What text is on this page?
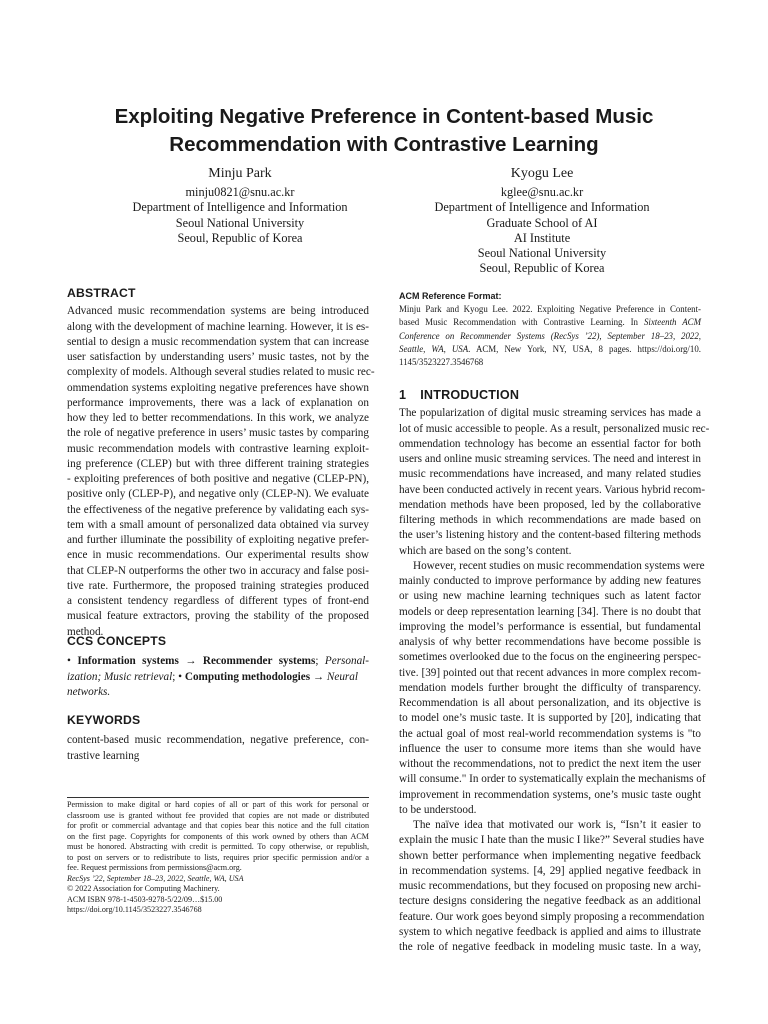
Exploiting Negative Preference in Content-based Music
Recommendation with Contrastive Learning
Minju Park
minju0821@snu.ac.kr
Department of Intelligence and Information
Seoul National University
Seoul, Republic of Korea
Kyogu Lee
kglee@snu.ac.kr
Department of Intelligence and Information
Graduate School of AI
AI Institute
Seoul National University
Seoul, Republic of Korea
ABSTRACT

Advanced music recommendation systems are being introduced
along with the development of machine learning. However, it is es-
sential to design a music recommendation system that can increase
user satisfaction by understanding users’ music tastes, not by the
complexity of models. Although several studies related to music rec-
ommendation systems exploiting negative preferences have shown
performance improvements, there was a lack of explanation on
how they led to better recommendations. In this work, we analyze
the role of negative preference in users’ music tastes by comparing
music recommendation models with contrastive learning exploit-
ing preference (CLEP) but with three different training strategies
- exploiting preferences of both positive and negative (CLEP-PN),
positive only (CLEP-P), and negative only (CLEP-N). We evaluate
the effectiveness of the negative preference by validating each sys-
tem with a small amount of personalized data obtained via survey
and further illuminate the possibility of exploiting negative prefer-
ence in music recommendations. Our experimental results show
that CLEP-N outperforms the other two in accuracy and false posi-
tive rate. Furthermore, the proposed training strategies produced
a consistent tendency regardless of different types of front-end
musical feature extractors, proving the stability of the proposed
method.

CCS CONCEPTS
• Information systems → Recommender systems; Personal-
ization; Music retrieval; • Computing methodologies → Neural
networks.
KEYWORDS
content-based music recommendation, negative preference, con-
trastive learning
Permission to make digital or hard copies of all or part of this work for personal or
classroom use is granted without fee provided that copies are not made or distributed
for profit or commercial advantage and that copies bear this notice and the full citation
on the first page. Copyrights for components of this work owned by others than ACM
must be honored. Abstracting with credit is permitted. To copy otherwise, or republish,
to post on servers or to redistribute to lists, requires prior specific permission and/or a
fee. Request permissions from permissions@acm.org.
RecSys ’22, September 18–23, 2022, Seattle, WA, USA
© 2022 Association for Computing Machinery.
ACM ISBN 978-1-4503-9278-5/22/09…$15.00
https://doi.org/10.1145/3523227.3546768
ACM Reference Format:
Minju Park and Kyogu Lee. 2022. Exploiting Negative Preference in Content-
based Music Recommendation with Contrastive Learning. In Sixteenth ACM
Conference on Recommender Systems (RecSys ’22), September 18–23, 2022,
Seattle, WA, USA. ACM, New York, NY, USA, 8 pages. https://doi.org/10.
1145/3523227.3546768
1 INTRODUCTION

The popularization of digital music streaming services has made a
lot of music accessible to people. As a result, personalized music rec-
ommendation technology has become an essential factor for both
users and online music streaming services. The need and interest in
music recommendations have increased, and many related studies
have been conducted actively in recent years. Various hybrid recom-
mendation methods have been proposed, led by the collaborative
filtering methods in which recommendations are made based on
the user’s listening history and the content-based filtering methods
which are based on the song’s content.

However, recent studies on music recommendation systems were
mainly conducted to improve performance by adding new features
or using new machine learning techniques such as latent factor
models or deep representation learning [34]. There is no doubt that
improving the model’s performance is essential, but fundamental
analysis of why better recommendations have become possible is
sometimes overlooked due to the focus on the engineering perspec-
tive. [39] pointed out that recent advances in more complex recom-
mendation models further brought the difficulty of transparency.
Recommendation is all about personalization, and its objective is
to model one’s music taste. It is supported by [20], indicating that
the actual goal of most real-world recommendation systems is "to
influence the user to consume more items than she would have
without the recommendations, not to predict the next item the user
will consume." In order to systematically explain the mechanisms of
improvement in recommendation systems, one’s music taste ought
to be understood.

The naïve idea that motivated our work is, “Isn’t it easier to
explain the music I hate than the music I like?” Several studies have
shown better performance when implementing negative feedback
in recommendation systems. [4, 29] applied negative feedback in
music recommendations, but they focused on proposing new archi-
tecture designs considering the negative feedback as an additional
feature. Our work goes beyond simply proposing a recommendation
system to which negative feedback is applied and aims to illustrate
the role of negative feedback in modeling music taste. In a way,
